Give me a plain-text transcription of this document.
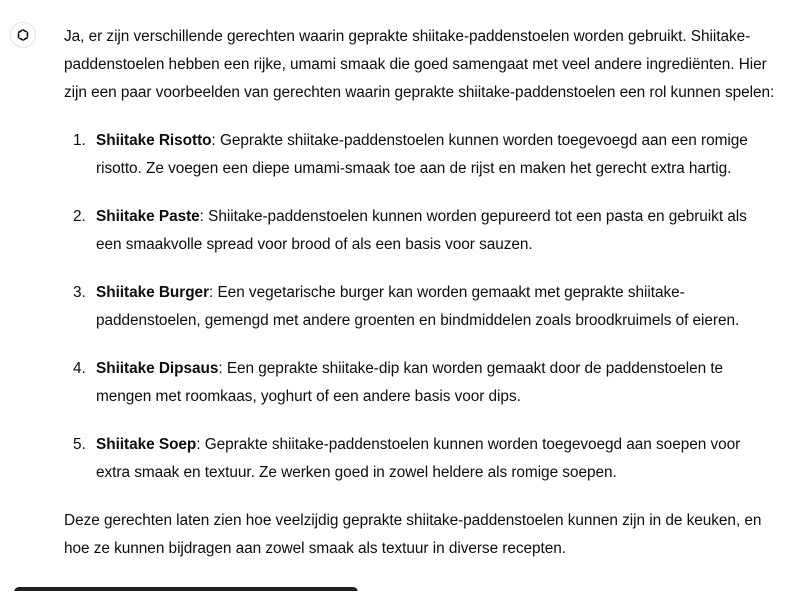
Ja, er zijn verschillende gerechten waarin geprakte shiitake-paddenstoelen worden gebruikt. Shiitake-paddenstoelen hebben een rijke, umami smaak die goed samengaat met veel andere ingrediënten. Hier zijn een paar voorbeelden van gerechten waarin geprakte shiitake-paddenstoelen een rol kunnen spelen:

1. Shiitake Risotto: Geprakte shiitake-paddenstoelen kunnen worden toegevoegd aan een romige risotto. Ze voegen een diepe umami-smaak toe aan de rijst en maken het gerecht extra hartig.
2. Shiitake Paste: Shiitake-paddenstoelen kunnen worden gepureerd tot een pasta en gebruikt als een smaakvolle spread voor brood of als een basis voor sauzen.
3. Shiitake Burger: Een vegetarische burger kan worden gemaakt met geprakte shiitake-paddenstoelen, gemengd met andere groenten en bindmiddelen zoals broodkruimels of eieren.
4. Shiitake Dipsaus: Een geprakte shiitake-dip kan worden gemaakt door de paddenstoelen te mengen met roomkaas, yoghurt of een andere basis voor dips.
5. Shiitake Soep: Geprakte shiitake-paddenstoelen kunnen worden toegevoegd aan soepen voor extra smaak en textuur. Ze werken goed in zowel heldere als romige soepen.

Deze gerechten laten zien hoe veelzijdig geprakte shiitake-paddenstoelen kunnen zijn in de keuken, en hoe ze kunnen bijdragen aan zowel smaak als textuur in diverse recepten.
